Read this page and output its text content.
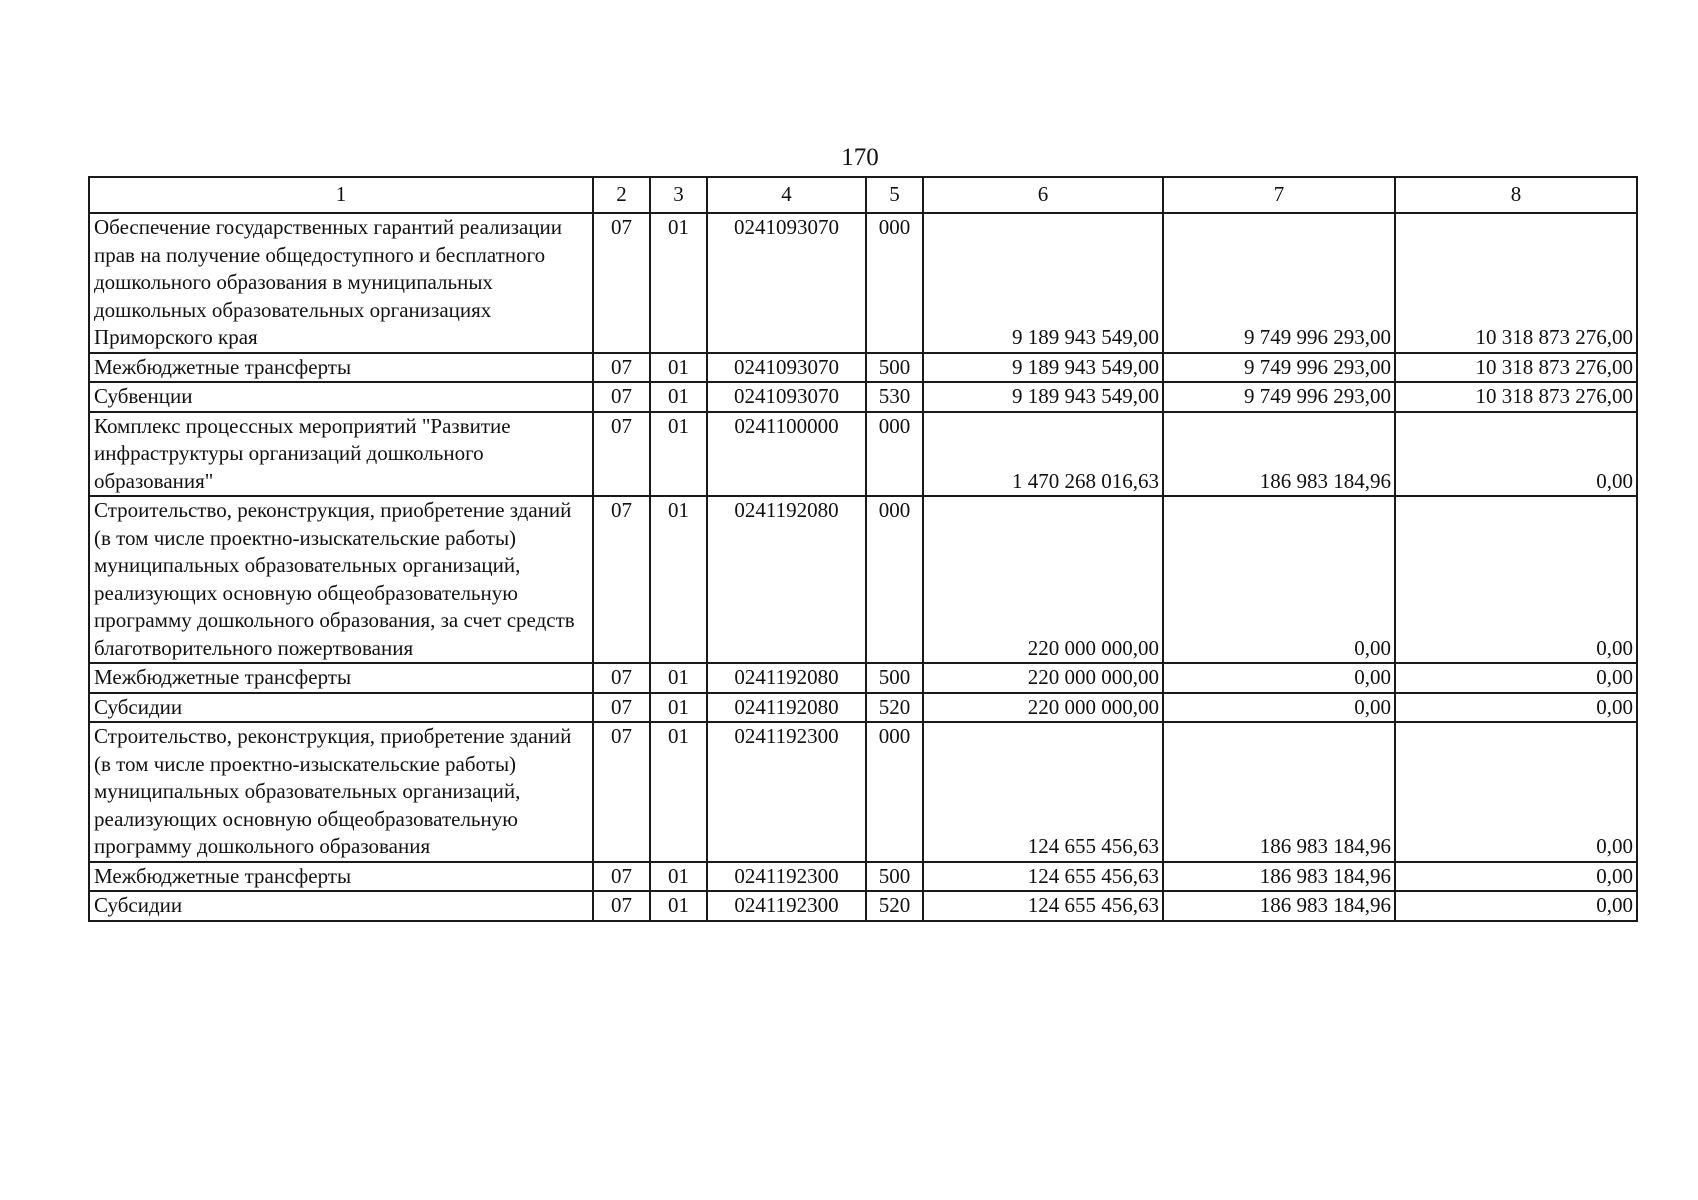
170
1	2	3	4	5	6	7	8
Обеспечение государственных гарантий реализации прав на получение общедоступного и бесплатного дошкольного образования в муниципальных дошкольных образовательных организациях Приморского края	07	01	0241093070	000	9 189 943 549,00	9 749 996 293,00	10 318 873 276,00
Межбюджетные трансферты	07	01	0241093070	500	9 189 943 549,00	9 749 996 293,00	10 318 873 276,00
Субвенции	07	01	0241093070	530	9 189 943 549,00	9 749 996 293,00	10 318 873 276,00
Комплекс процессных мероприятий "Развитие инфраструктуры организаций дошкольного образования"	07	01	0241100000	000	1 470 268 016,63	186 983 184,96	0,00
Строительство, реконструкция, приобретение зданий (в том числе проектно-изыскательские работы) муниципальных образовательных организаций, реализующих основную общеобразовательную программу дошкольного образования, за счет средств благотворительного пожертвования	07	01	0241192080	000	220 000 000,00	0,00	0,00
Межбюджетные трансферты	07	01	0241192080	500	220 000 000,00	0,00	0,00
Субсидии	07	01	0241192080	520	220 000 000,00	0,00	0,00
Строительство, реконструкция, приобретение зданий (в том числе проектно-изыскательские работы) муниципальных образовательных организаций, реализующих основную общеобразовательную программу дошкольного образования	07	01	0241192300	000	124 655 456,63	186 983 184,96	0,00
Межбюджетные трансферты	07	01	0241192300	500	124 655 456,63	186 983 184,96	0,00
Субсидии	07	01	0241192300	520	124 655 456,63	186 983 184,96	0,00
